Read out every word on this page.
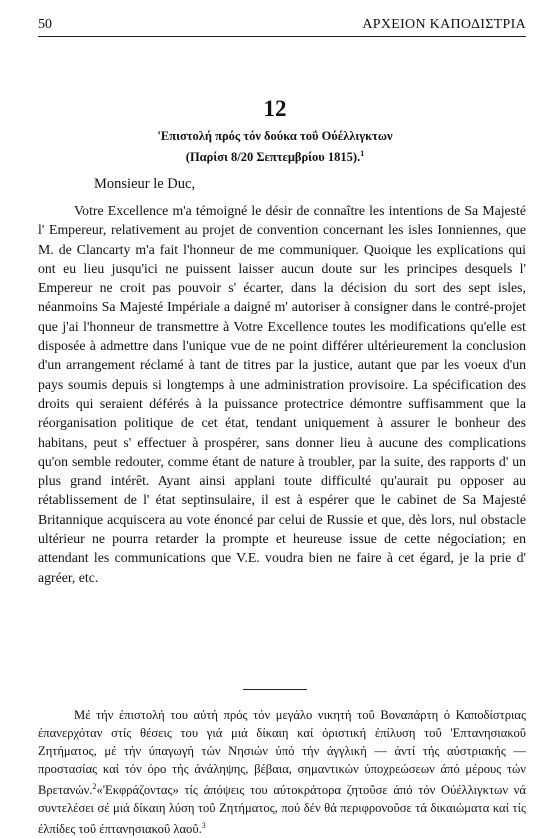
50	ΑΡΧΕΙΟΝ ΚΑΠΟΔΙΣΤΡΙΑ
12
'Επιστολή πρός τόν δούκα τοΰ Ούέλλιγκτων
(Παρίσι 8/20 Σεπτεμβρίου 1815).$^1$
Monsieur le Duc,

Votre Excellence m'a témoigné le désir de connaître les intentions de Sa Majesté l' Empereur, relativement au projet de convention concernant les isles Ionniennes, que M. de Clancarty m'a fait l'honneur de me communiquer. Quoique les explications qui ont eu lieu jusqu'ici ne puissent laisser aucun doute sur les principes desquels l' Empereur ne croit pas pouvoir s' écarter, dans la décision du sort des sept isles, néanmoins Sa Majesté Impériale a daigné m' autoriser à consigner dans le contré-projet que j'ai l'honneur de transmettre à Votre Excellence toutes les modifications qu'elle est disposée à admettre dans l'unique vue de ne point différer ultérieurement la conclusion d'un arrangement réclamé à tant de titres par la justice, autant que par les voeux d'un pays soumis depuis si longtemps à une administration provisoire. La spécification des droits qui seraient déférés à la puissance protectrice démontre suffisamment que la réorganisation politique de cet état, tendant uniquement à assurer le bonheur des habitans, peut s' effectuer à prospérer, sans donner lieu à aucune des complications qu'on semble redouter, comme étant de nature à troubler, par la suite, des rapports d' un plus grand intérêt. Ayant ainsi applani toute difficulté qu'aurait pu opposer au rétablissement de l' état septinsulaire, il est à espérer que le cabinet de Sa Majesté Britannique acquiscera au vote énoncé par celui de Russie et que, dès lors, nul obstacle ultérieur ne pourra retarder la prompte et heureuse issue de cette négociation; en attendant les communications que V.E. voudra bien ne faire à cet égard, je la prie d' agréer, etc.

Μέ τήν έπιστολή του αύτή πρός τόν μεγάλο νικητή τοΰ Βοναπάρτη ό Καποδίστριας έπανερχόταν στίς θέσεις του γιά μιά δίκαιη καί όριστική έπίλυση τοΰ 'Επτανησιακοΰ Ζητήματος, μέ τήν ύπαγωγή τών Νησιών ύπό τήν άγγλική — άντί τής αύστριακής — προστασίας καί τόν όρο τής άνάληψης, βέβαια, σημαντικών ύποχρεώσεων άπό μέρους τών Βρετανών.$^2$«'Εκφράζοντας» τίς άπόψεις του αύτοκράτορα ζητοΰσε άπό τόν Ούέλλιγκτων νά συντελέσει σέ μιά δίκαιη λύση τοΰ Ζητήματος, πού δέν θά περιφρονοΰσε τά δικαιώματα καί τίς έλπίδες τοΰ έπτανησιακοΰ λαοΰ.$^3$
